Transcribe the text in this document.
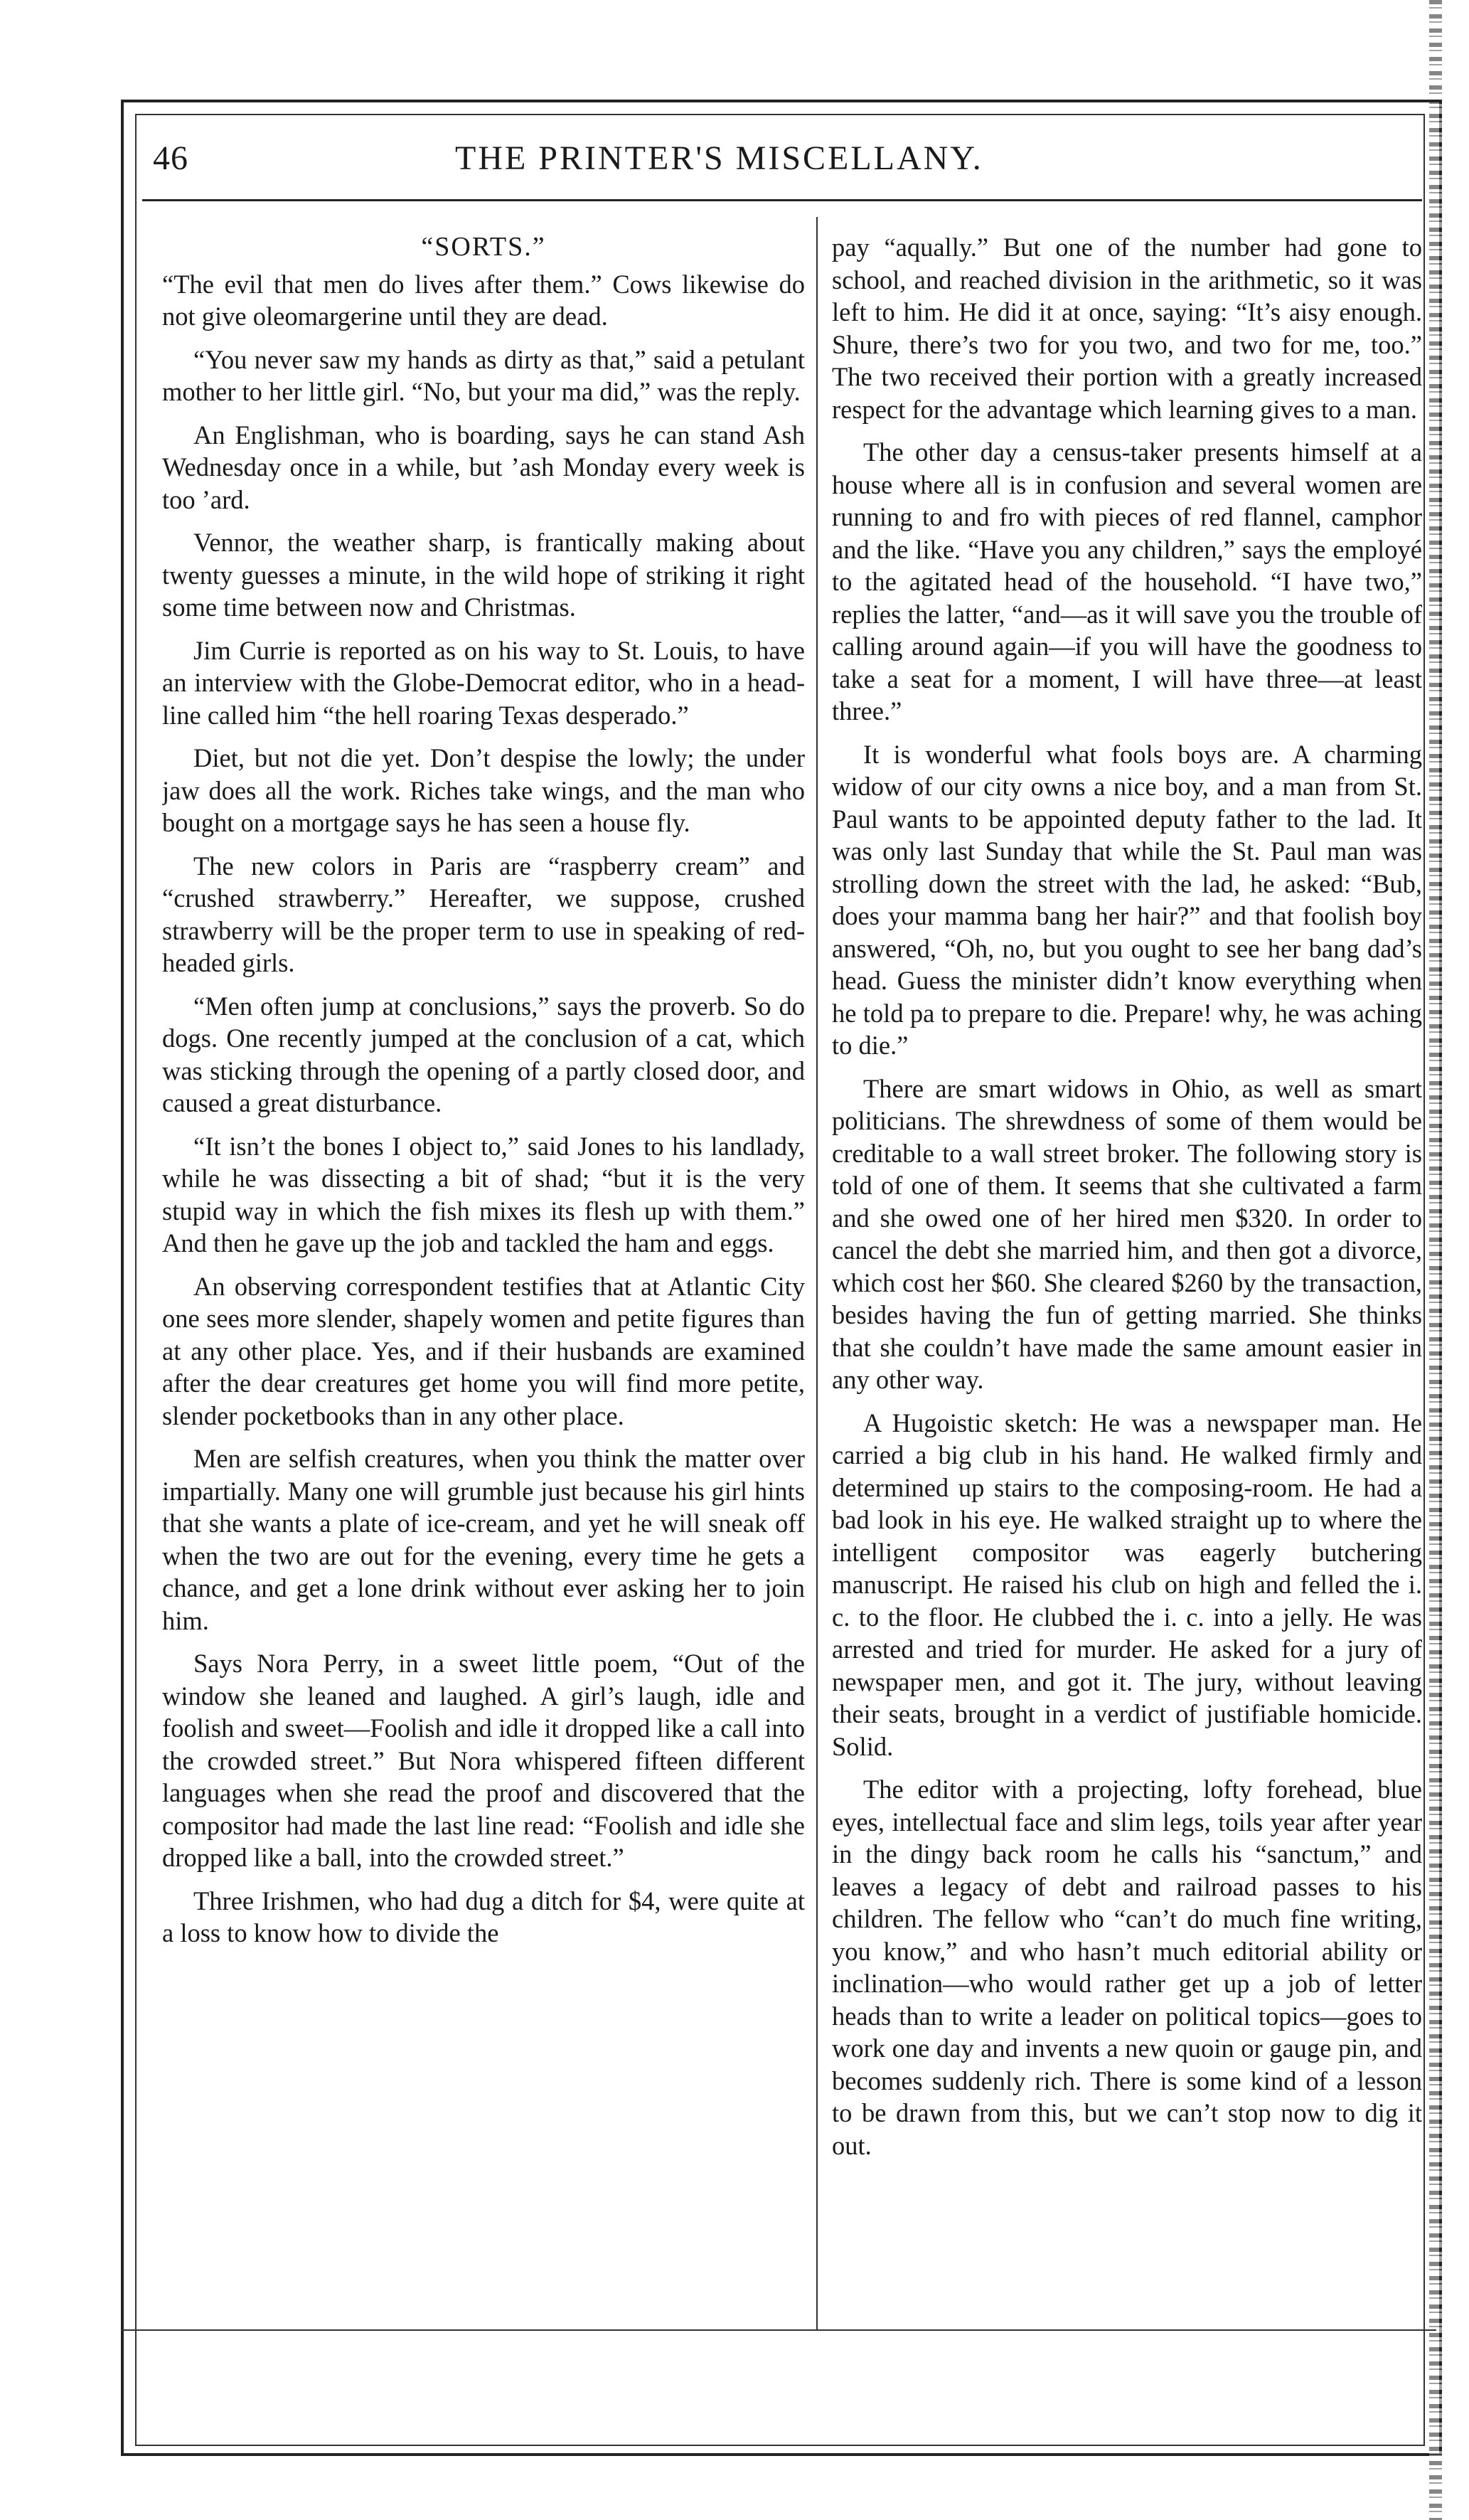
46	THE PRINTER'S MISCELLANY.
“SORTS.”

“The evil that men do lives after them.” Cows likewise do not give oleomargerine until they are dead.

“You never saw my hands as dirty as that,” said a petulant mother to her little girl. “No, but your ma did,” was the reply.

An Englishman, who is boarding, says he can stand Ash Wednesday once in a while, but ’ash Monday every week is too ’ard.

Vennor, the weather sharp, is frantically making about twenty guesses a minute, in the wild hope of striking it right some time between now and Christmas.

Jim Currie is reported as on his way to St. Louis, to have an interview with the Globe-Democrat editor, who in a head-line called him “the hell roaring Texas desperado.”

Diet, but not die yet. Don’t despise the lowly; the under jaw does all the work. Riches take wings, and the man who bought on a mortgage says he has seen a house fly.

The new colors in Paris are “raspberry cream” and “crushed strawberry.” Hereafter, we suppose, crushed strawberry will be the proper term to use in speaking of red-headed girls.

“Men often jump at conclusions,” says the proverb. So do dogs. One recently jumped at the conclusion of a cat, which was sticking through the opening of a partly closed door, and caused a great disturbance.

“It isn’t the bones I object to,” said Jones to his landlady, while he was dissecting a bit of shad; “but it is the very stupid way in which the fish mixes its flesh up with them.” And then he gave up the job and tackled the ham and eggs.

An observing correspondent testifies that at Atlantic City one sees more slender, shapely women and petite figures than at any other place. Yes, and if their husbands are examined after the dear creatures get home you will find more petite, slender pocketbooks than in any other place.

Men are selfish creatures, when you think the matter over impartially. Many one will grumble just because his girl hints that she wants a plate of ice-cream, and yet he will sneak off when the two are out for the evening, every time he gets a chance, and get a lone drink without ever asking her to join him.

Says Nora Perry, in a sweet little poem, “Out of the window she leaned and laughed. A girl’s laugh, idle and foolish and sweet—Foolish and idle it dropped like a call into the crowded street.” But Nora whispered fifteen different languages when she read the proof and discovered that the compositor had made the last line read: “Foolish and idle she dropped like a ball, into the crowded street.”

Three Irishmen, who had dug a ditch for $4, were quite at a loss to know how to divide the

pay “aqually.” But one of the number had gone to school, and reached division in the arithmetic, so it was left to him. He did it at once, saying: “It’s aisy enough. Shure, there’s two for you two, and two for me, too.” The two received their portion with a greatly increased respect for the advantage which learning gives to a man.

The other day a census-taker presents himself at a house where all is in confusion and several women are running to and fro with pieces of red flannel, camphor and the like. “Have you any children,” says the employé to the agitated head of the household. “I have two,” replies the latter, “and—as it will save you the trouble of calling around again—if you will have the goodness to take a seat for a moment, I will have three—at least three.”

It is wonderful what fools boys are. A charming widow of our city owns a nice boy, and a man from St. Paul wants to be appointed deputy father to the lad. It was only last Sunday that while the St. Paul man was strolling down the street with the lad, he asked: “Bub, does your mamma bang her hair?” and that foolish boy answered, “Oh, no, but you ought to see her bang dad’s head. Guess the minister didn’t know everything when he told pa to prepare to die. Prepare! why, he was aching to die.”

There are smart widows in Ohio, as well as smart politicians. The shrewdness of some of them would be creditable to a wall street broker. The following story is told of one of them. It seems that she cultivated a farm and she owed one of her hired men $320. In order to cancel the debt she married him, and then got a divorce, which cost her $60. She cleared $260 by the transaction, besides having the fun of getting married. She thinks that she couldn’t have made the same amount easier in any other way.

A Hugoistic sketch: He was a newspaper man. He carried a big club in his hand. He walked firmly and determined up stairs to the composing-room. He had a bad look in his eye. He walked straight up to where the intelligent compositor was eagerly butchering manuscript. He raised his club on high and felled the i. c. to the floor. He clubbed the i. c. into a jelly. He was arrested and tried for murder. He asked for a jury of newspaper men, and got it. The jury, without leaving their seats, brought in a verdict of justifiable homicide. Solid.

The editor with a projecting, lofty forehead, blue eyes, intellectual face and slim legs, toils year after year in the dingy back room he calls his “sanctum,” and leaves a legacy of debt and railroad passes to his children. The fellow who “can’t do much fine writing, you know,” and who hasn’t much editorial ability or inclination—who would rather get up a job of letter heads than to write a leader on political topics—goes to work one day and invents a new quoin or gauge pin, and becomes suddenly rich. There is some kind of a lesson to be drawn from this, but we can’t stop now to dig it out.
